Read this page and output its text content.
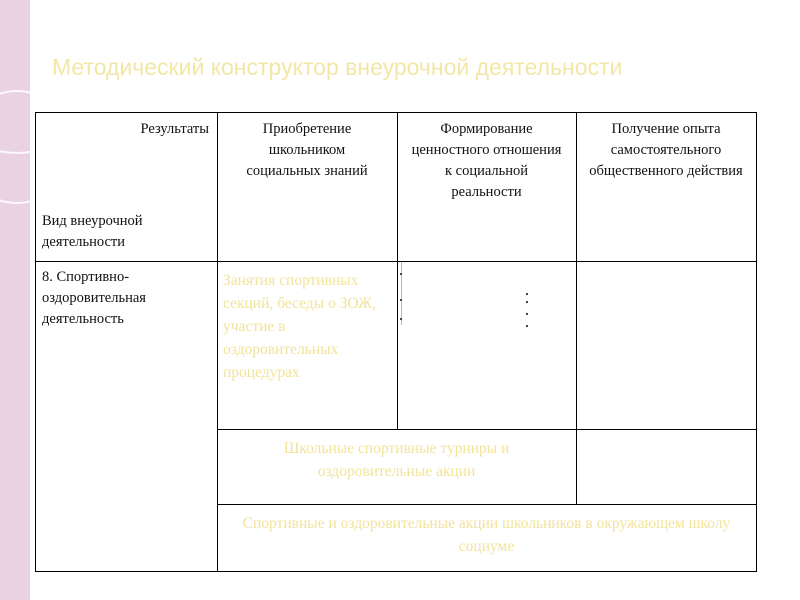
Методический конструктор внеурочной деятельности
Результаты
Вид внеурочной деятельности
Приобретение школьником социальных знаний
Формирование ценностного отношения к социальной реальности
Получение опыта самостоятельного общественного действия
8. Спортивно-оздоровительная деятельность
Занятия спортивных секций, беседы о ЗОЖ, участие в оздоровительных процедурах
Школьные спортивные турниры и оздоровительные акции
Спортивные и оздоровительные акции школьников в окружающем школу социуме
